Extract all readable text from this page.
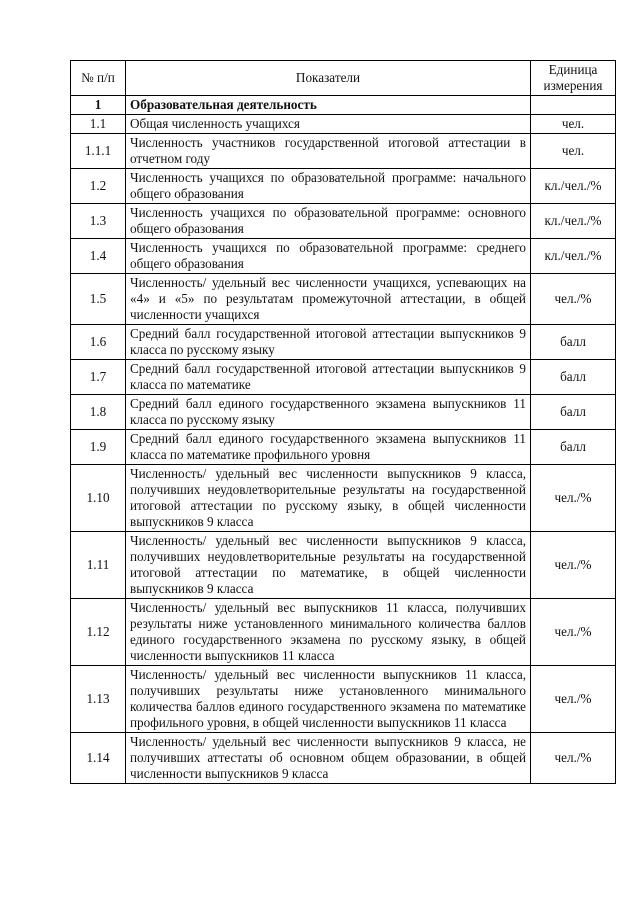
№ п/п	Показатели	Единица измерения
1	Образовательная деятельность	
1.1	Общая численность учащихся	чел.
1.1.1	Численность участников государственной итоговой аттестации в отчетном году	чел.
1.2	Численность учащихся по образовательной программе: начального общего образования	кл./чел./%
1.3	Численность учащихся по образовательной программе: основного общего образования	кл./чел./%
1.4	Численность учащихся по образовательной программе: среднего общего образования	кл./чел./%
1.5	Численность/ удельный вес численности учащихся, успевающих на «4» и «5» по результатам промежуточной аттестации, в общей численности учащихся	чел./%
1.6	Средний балл государственной итоговой аттестации выпускников 9 класса по русскому языку	балл
1.7	Средний балл государственной итоговой аттестации выпускников 9 класса по математике	балл
1.8	Средний балл единого государственного экзамена выпускников 11 класса по русскому языку	балл
1.9	Средний балл единого государственного экзамена выпускников 11 класса по математике профильного уровня	балл
1.10	Численность/ удельный вес численности выпускников 9 класса, получивших неудовлетворительные результаты на государственной итоговой аттестации по русскому языку, в общей численности выпускников 9 класса	чел./%
1.11	Численность/ удельный вес численности выпускников 9 класса, получивших неудовлетворительные результаты на государственной итоговой аттестации по математике, в общей численности выпускников 9 класса	чел./%
1.12	Численность/ удельный вес выпускников 11 класса, получивших результаты ниже установленного минимального количества баллов единого государственного экзамена по русскому языку, в общей численности выпускников 11 класса	чел./%
1.13	Численность/ удельный вес численности выпускников 11 класса, получивших результаты ниже установленного минимального количества баллов единого государственного экзамена по математике профильного уровня, в общей численности выпускников 11 класса	чел./%
1.14	Численность/ удельный вес численности выпускников 9 класса, не получивших аттестаты об основном общем образовании, в общей численности выпускников 9 класса	чел./%
